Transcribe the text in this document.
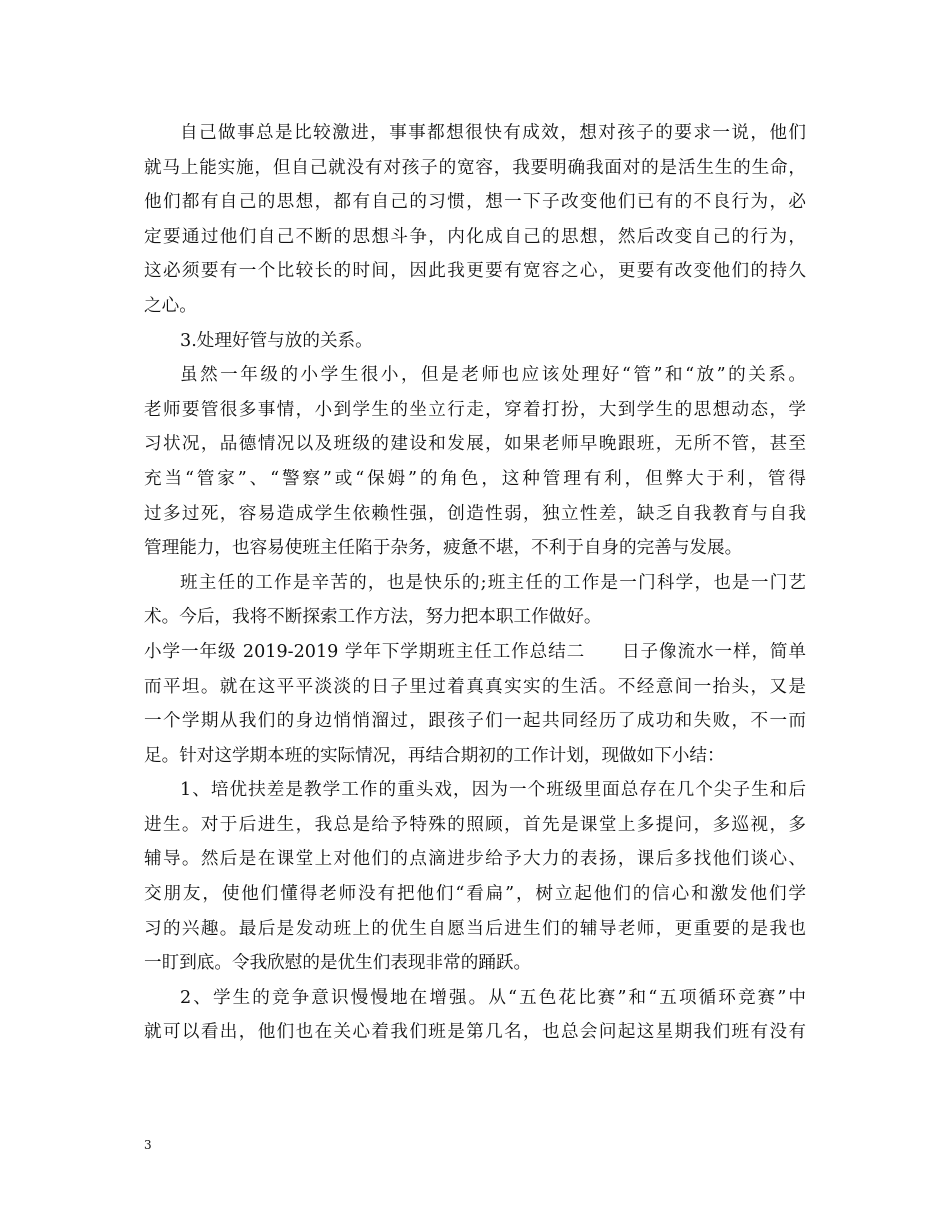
自己做事总是比较激进，事事都想很快有成效，想对孩子的要求一说，他们
就马上能实施，但自己就没有对孩子的宽容，我要明确我面对的是活生生的生命，
他们都有自己的思想，都有自己的习惯，想一下子改变他们已有的不良行为，必
定要通过他们自己不断的思想斗争，内化成自己的思想，然后改变自己的行为，
这必须要有一个比较长的时间，因此我更要有宽容之心，更要有改变他们的持久
之心。
3.处理好管与放的关系。
虽然一年级的小学生很小，但是老师也应该处理好“管”和“放”的关系。
老师要管很多事情，小到学生的坐立行走，穿着打扮，大到学生的思想动态，学
习状况，品德情况以及班级的建设和发展，如果老师早晚跟班，无所不管，甚至
充当“管家”、“警察”或“保姆”的角色，这种管理有利，但弊大于利，管得
过多过死，容易造成学生依赖性强，创造性弱，独立性差，缺乏自我教育与自我
管理能力，也容易使班主任陷于杂务，疲惫不堪，不利于自身的完善与发展。
班主任的工作是辛苦的，也是快乐的;班主任的工作是一门科学，也是一门艺
术。今后，我将不断探索工作方法，努力把本职工作做好。
小学一年级 2019-2019 学年下学期班主任工作总结二　　日子像流水一样，简单
而平坦。就在这平平淡淡的日子里过着真真实实的生活。不经意间一抬头，又是
一个学期从我们的身边悄悄溜过，跟孩子们一起共同经历了成功和失败，不一而
足。针对这学期本班的实际情况，再结合期初的工作计划，现做如下小结：
1、培优扶差是教学工作的重头戏，因为一个班级里面总存在几个尖子生和后
进生。对于后进生，我总是给予特殊的照顾，首先是课堂上多提问，多巡视，多
辅导。然后是在课堂上对他们的点滴进步给予大力的表扬，课后多找他们谈心、
交朋友，使他们懂得老师没有把他们“看扁”，树立起他们的信心和激发他们学
习的兴趣。最后是发动班上的优生自愿当后进生们的辅导老师，更重要的是我也
一盯到底。令我欣慰的是优生们表现非常的踊跃。
2、学生的竞争意识慢慢地在增强。从“五色花比赛”和“五项循环竞赛”中
就可以看出，他们也在关心着我们班是第几名，也总会问起这星期我们班有没有
3
